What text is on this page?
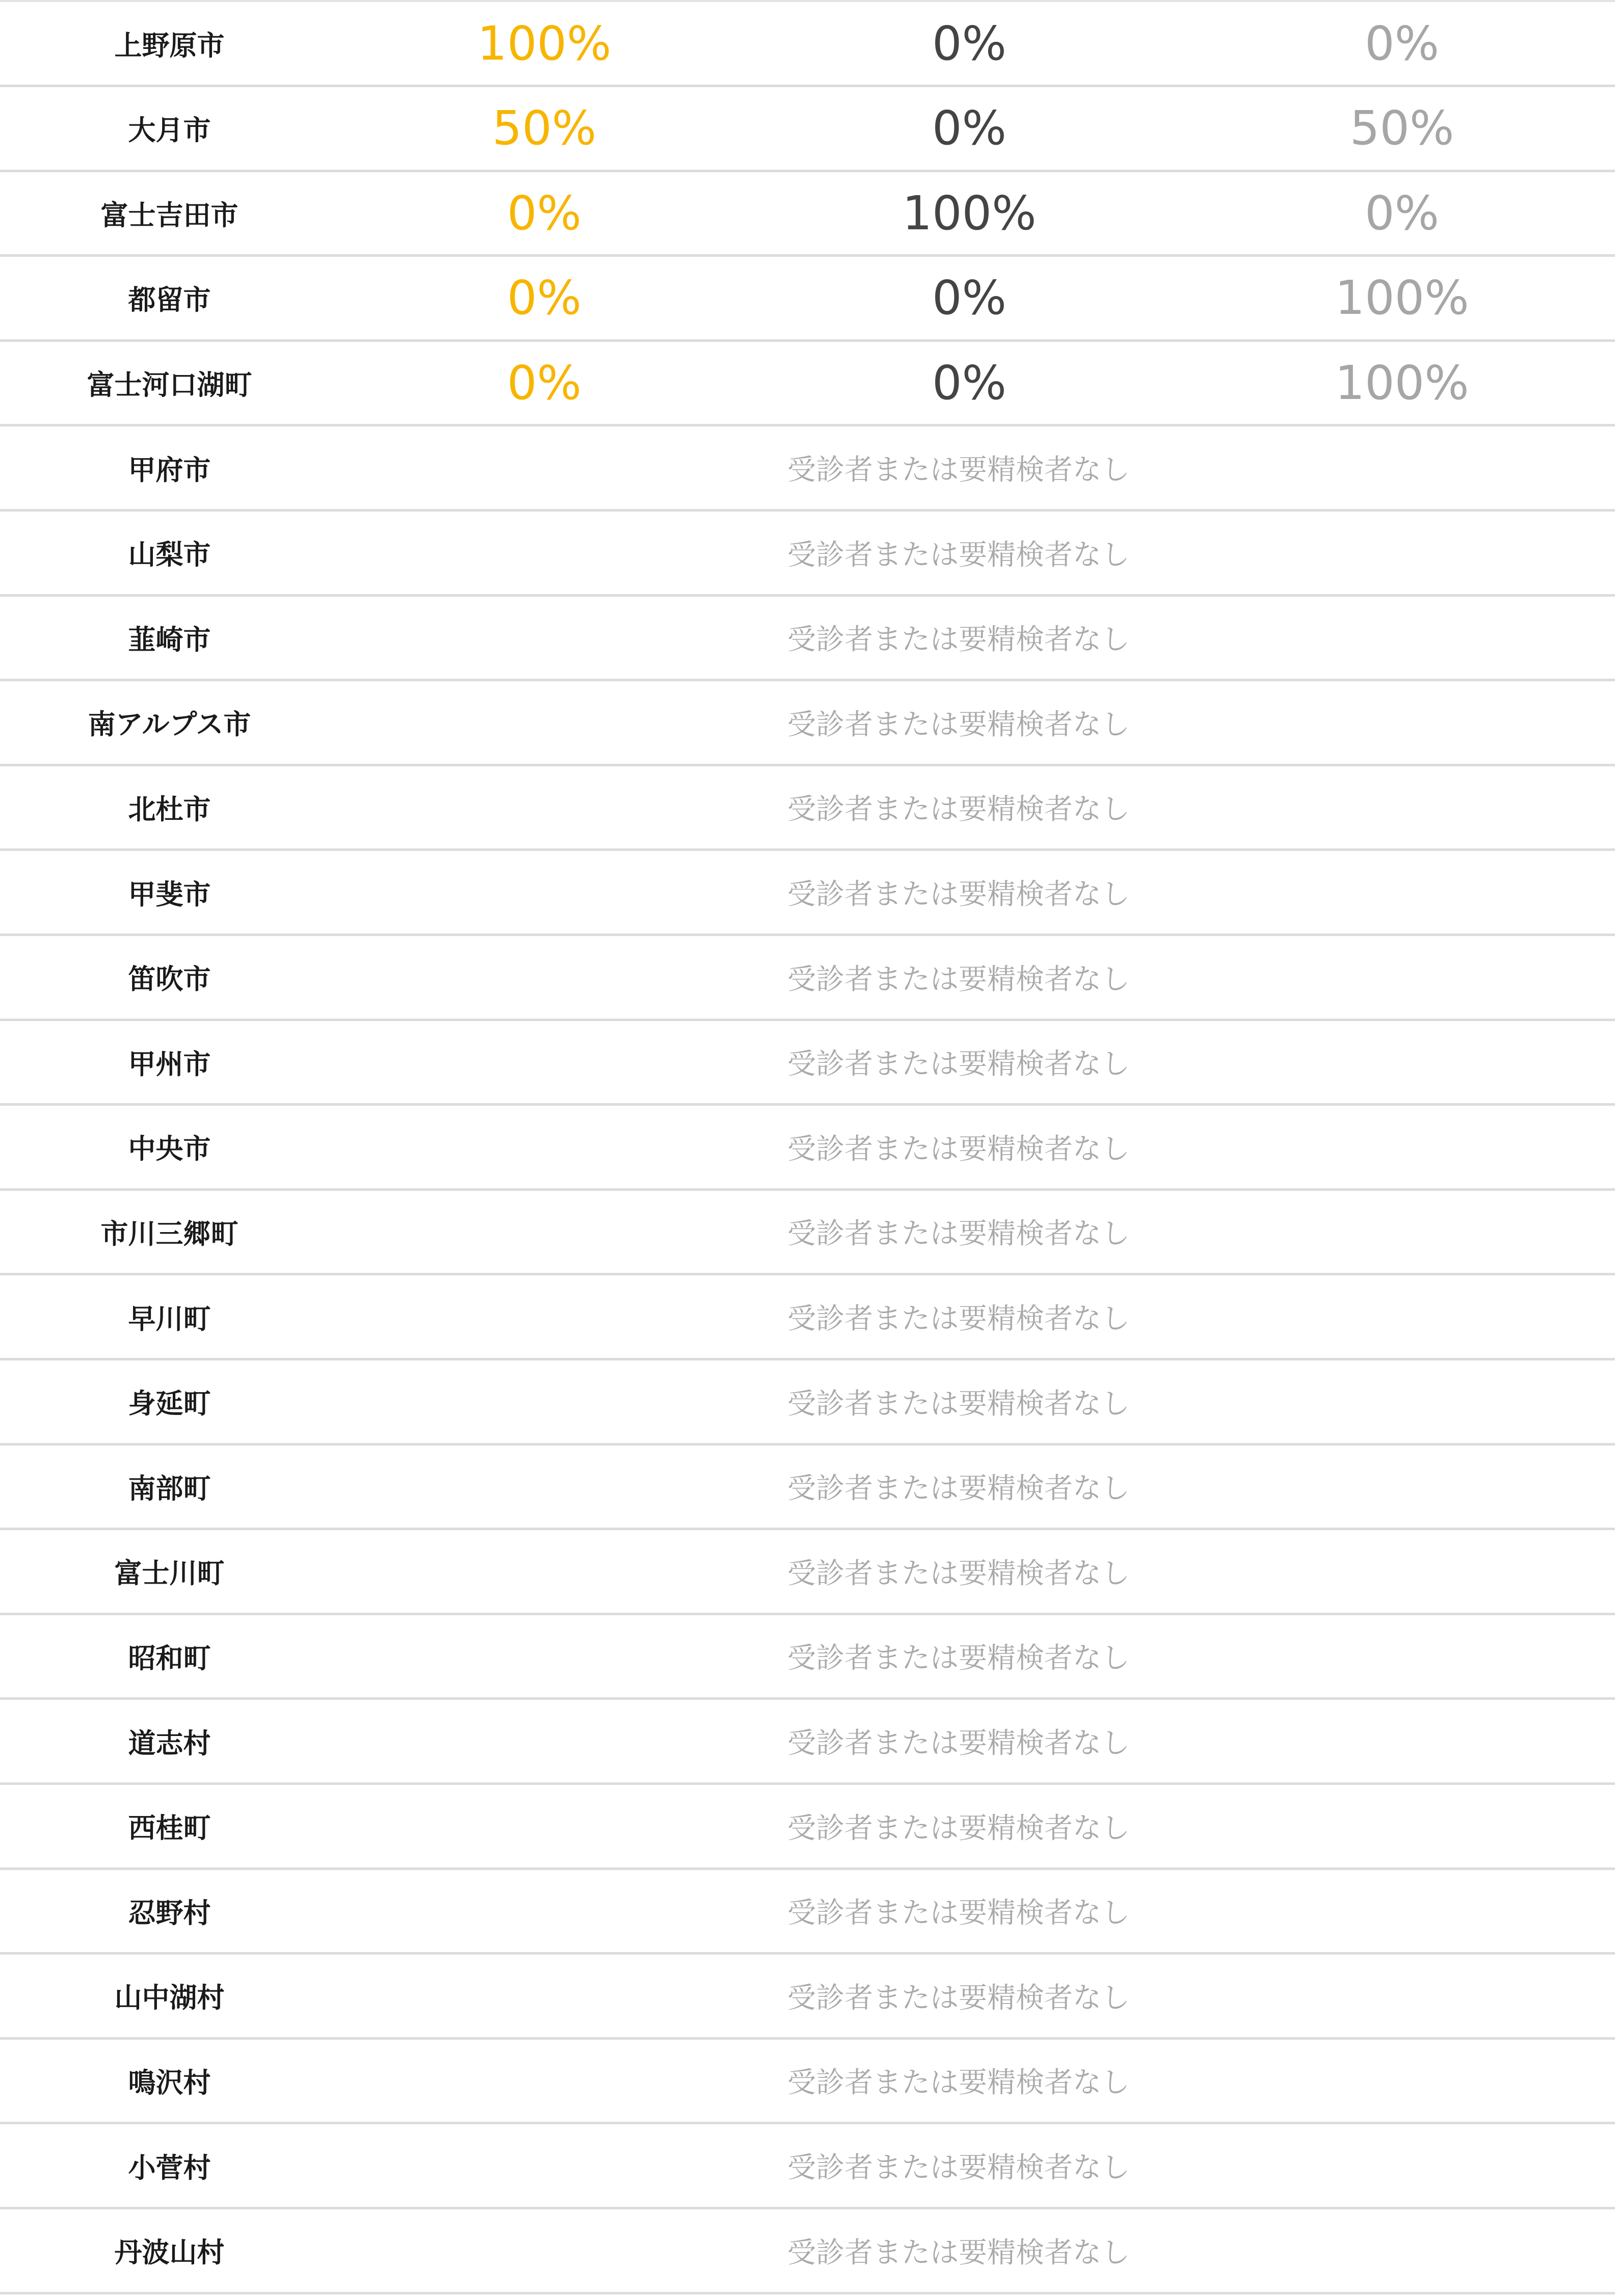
上野原市	100%	0%	0%
大月市	50%	0%	50%
富士吉田市	0%	100%	0%
都留市	0%	0%	100%
富士河口湖町	0%	0%	100%
甲府市	受診者または要精検者なし
山梨市	受診者または要精検者なし
韮崎市	受診者または要精検者なし
南アルプス市	受診者または要精検者なし
北杜市	受診者または要精検者なし
甲斐市	受診者または要精検者なし
笛吹市	受診者または要精検者なし
甲州市	受診者または要精検者なし
中央市	受診者または要精検者なし
市川三郷町	受診者または要精検者なし
早川町	受診者または要精検者なし
身延町	受診者または要精検者なし
南部町	受診者または要精検者なし
富士川町	受診者または要精検者なし
昭和町	受診者または要精検者なし
道志村	受診者または要精検者なし
西桂町	受診者または要精検者なし
忍野村	受診者または要精検者なし
山中湖村	受診者または要精検者なし
鳴沢村	受診者または要精検者なし
小菅村	受診者または要精検者なし
丹波山村	受診者または要精検者なし
